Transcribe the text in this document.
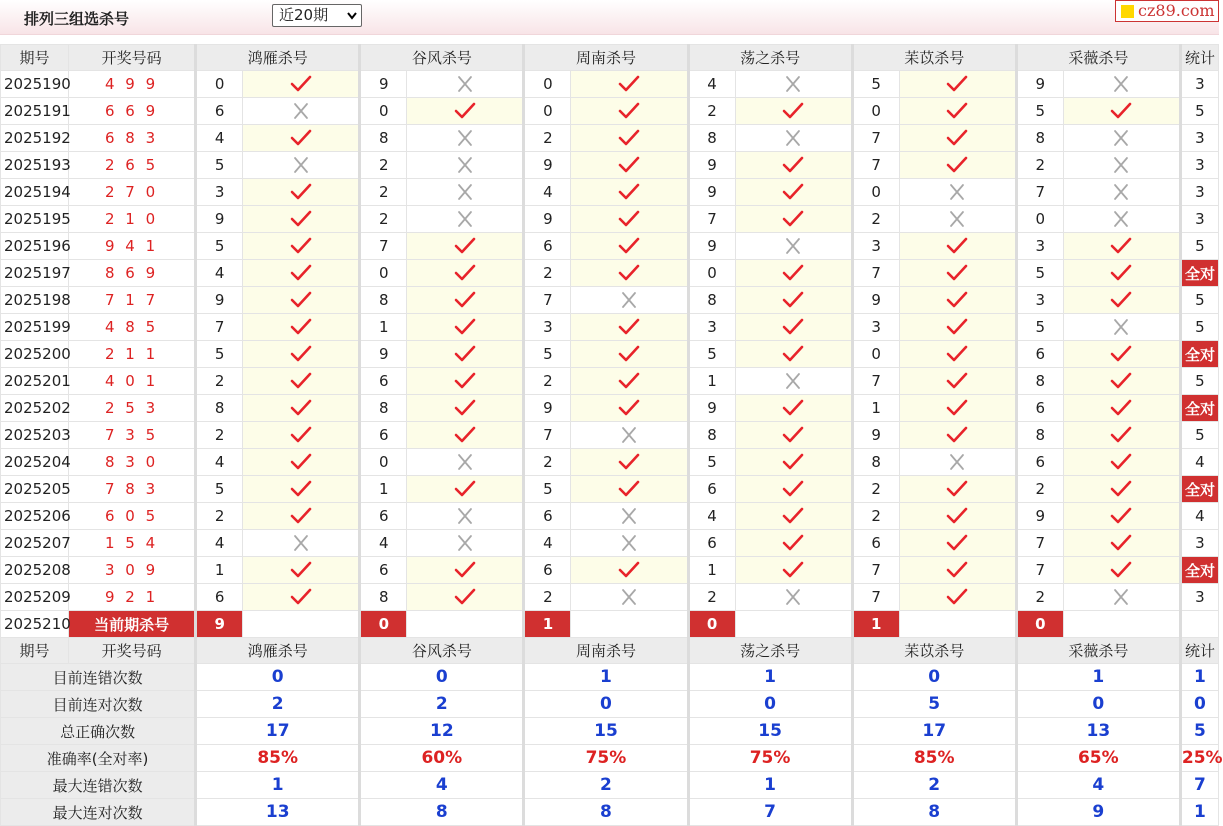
排列三组选杀号	近20期	cz89.com
期号	开奖号码	鸿雁杀号		谷风杀号		周南杀号		荡之杀号		苿苡杀号		采薇杀号		统计
2025190	4 9 9	0		9		0		4		5		9		3
2025191	6 6 9	6		0		0		2		0		5		5
2025192	6 8 3	4		8		2		8		7		8		3
2025193	2 6 5	5		2		9		9		7		2		3
2025194	2 7 0	3		2		4		9		0		7		3
2025195	2 1 0	9		2		9		7		2		0		3
2025196	9 4 1	5		7		6		9		3		3		5
2025197	8 6 9	4		0		2		0		7		5		全对
2025198	7 1 7	9		8		7		8		9		3		5
2025199	4 8 5	7		1		3		3		3		5		5
2025200	2 1 1	5		9		5		5		0		6		全对
2025201	4 0 1	2		6		2		1		7		8		5
2025202	2 5 3	8		8		9		9		1		6		全对
2025203	7 3 5	2		6		7		8		9		8		5
2025204	8 3 0	4		0		2		5		8		6		4
2025205	7 8 3	5		1		5		6		2		2		全对
2025206	6 0 5	2		6		6		4		2		9		4
2025207	1 5 4	4		4		4		6		6		7		3
2025208	3 0 9	1		6		6		1		7		7		全对
2025209	9 2 1	6		8		2		2		7		2		3
2025210	当前期杀号	9		0		1		0		1		0		
期号	开奖号码	鸿雁杀号		谷风杀号		周南杀号		荡之杀号		苿苡杀号		采薇杀号		统计
目前连错次数		0		0		1		1		0		1		1
目前连对次数		2		2		0		0		5		0		0
总正确次数		17		12		15		15		17		13		5
准确率(全对率)		85%		60%		75%		75%		85%		65%		25%
最大连错次数		1		4		2		1		2		4		7
最大连对次数		13		8		8		7		8		9		1
